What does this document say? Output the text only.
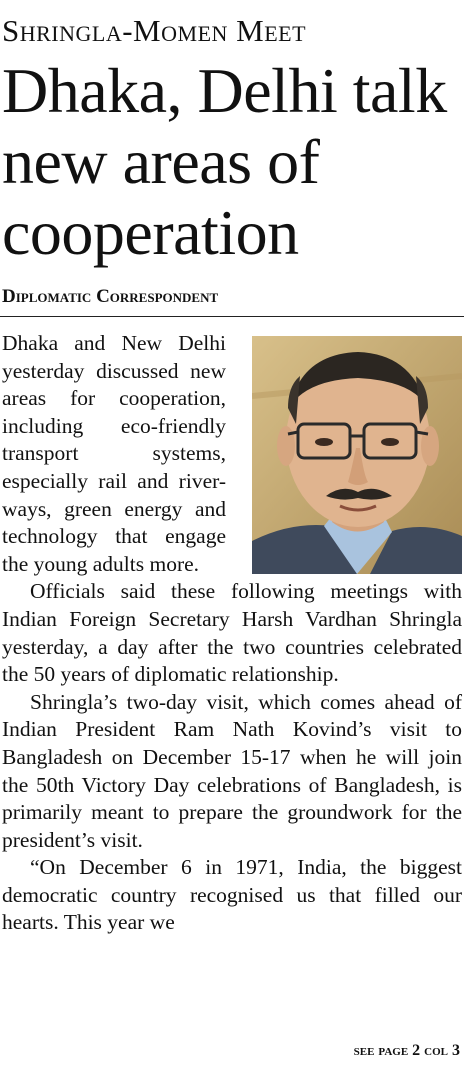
Shringla-Momen Meet
Dhaka, Delhi talk new areas of cooperation
Diplomatic Correspondent

Dhaka and New Delhi yesterday discussed new areas for cooperation, including eco-friendly transport systems, especially rail and river-ways, green energy and technology that engage the young adults more.

Officials said these following meetings with Indian Foreign Secretary Harsh Vardhan Shringla yesterday, a day after the two countries celebrated the 50 years of diplomatic relationship.

Shringla’s two-day visit, which comes ahead of Indian President Ram Nath Kovind’s visit to Bangladesh on December 15-17 when he will join the 50th Victory Day celebrations of Bangladesh, is primarily meant to prepare the groundwork for the president’s visit.

“On December 6 in 1971, India, the biggest democratic country recognised us that filled our hearts. This year we

see page 2 col 3
